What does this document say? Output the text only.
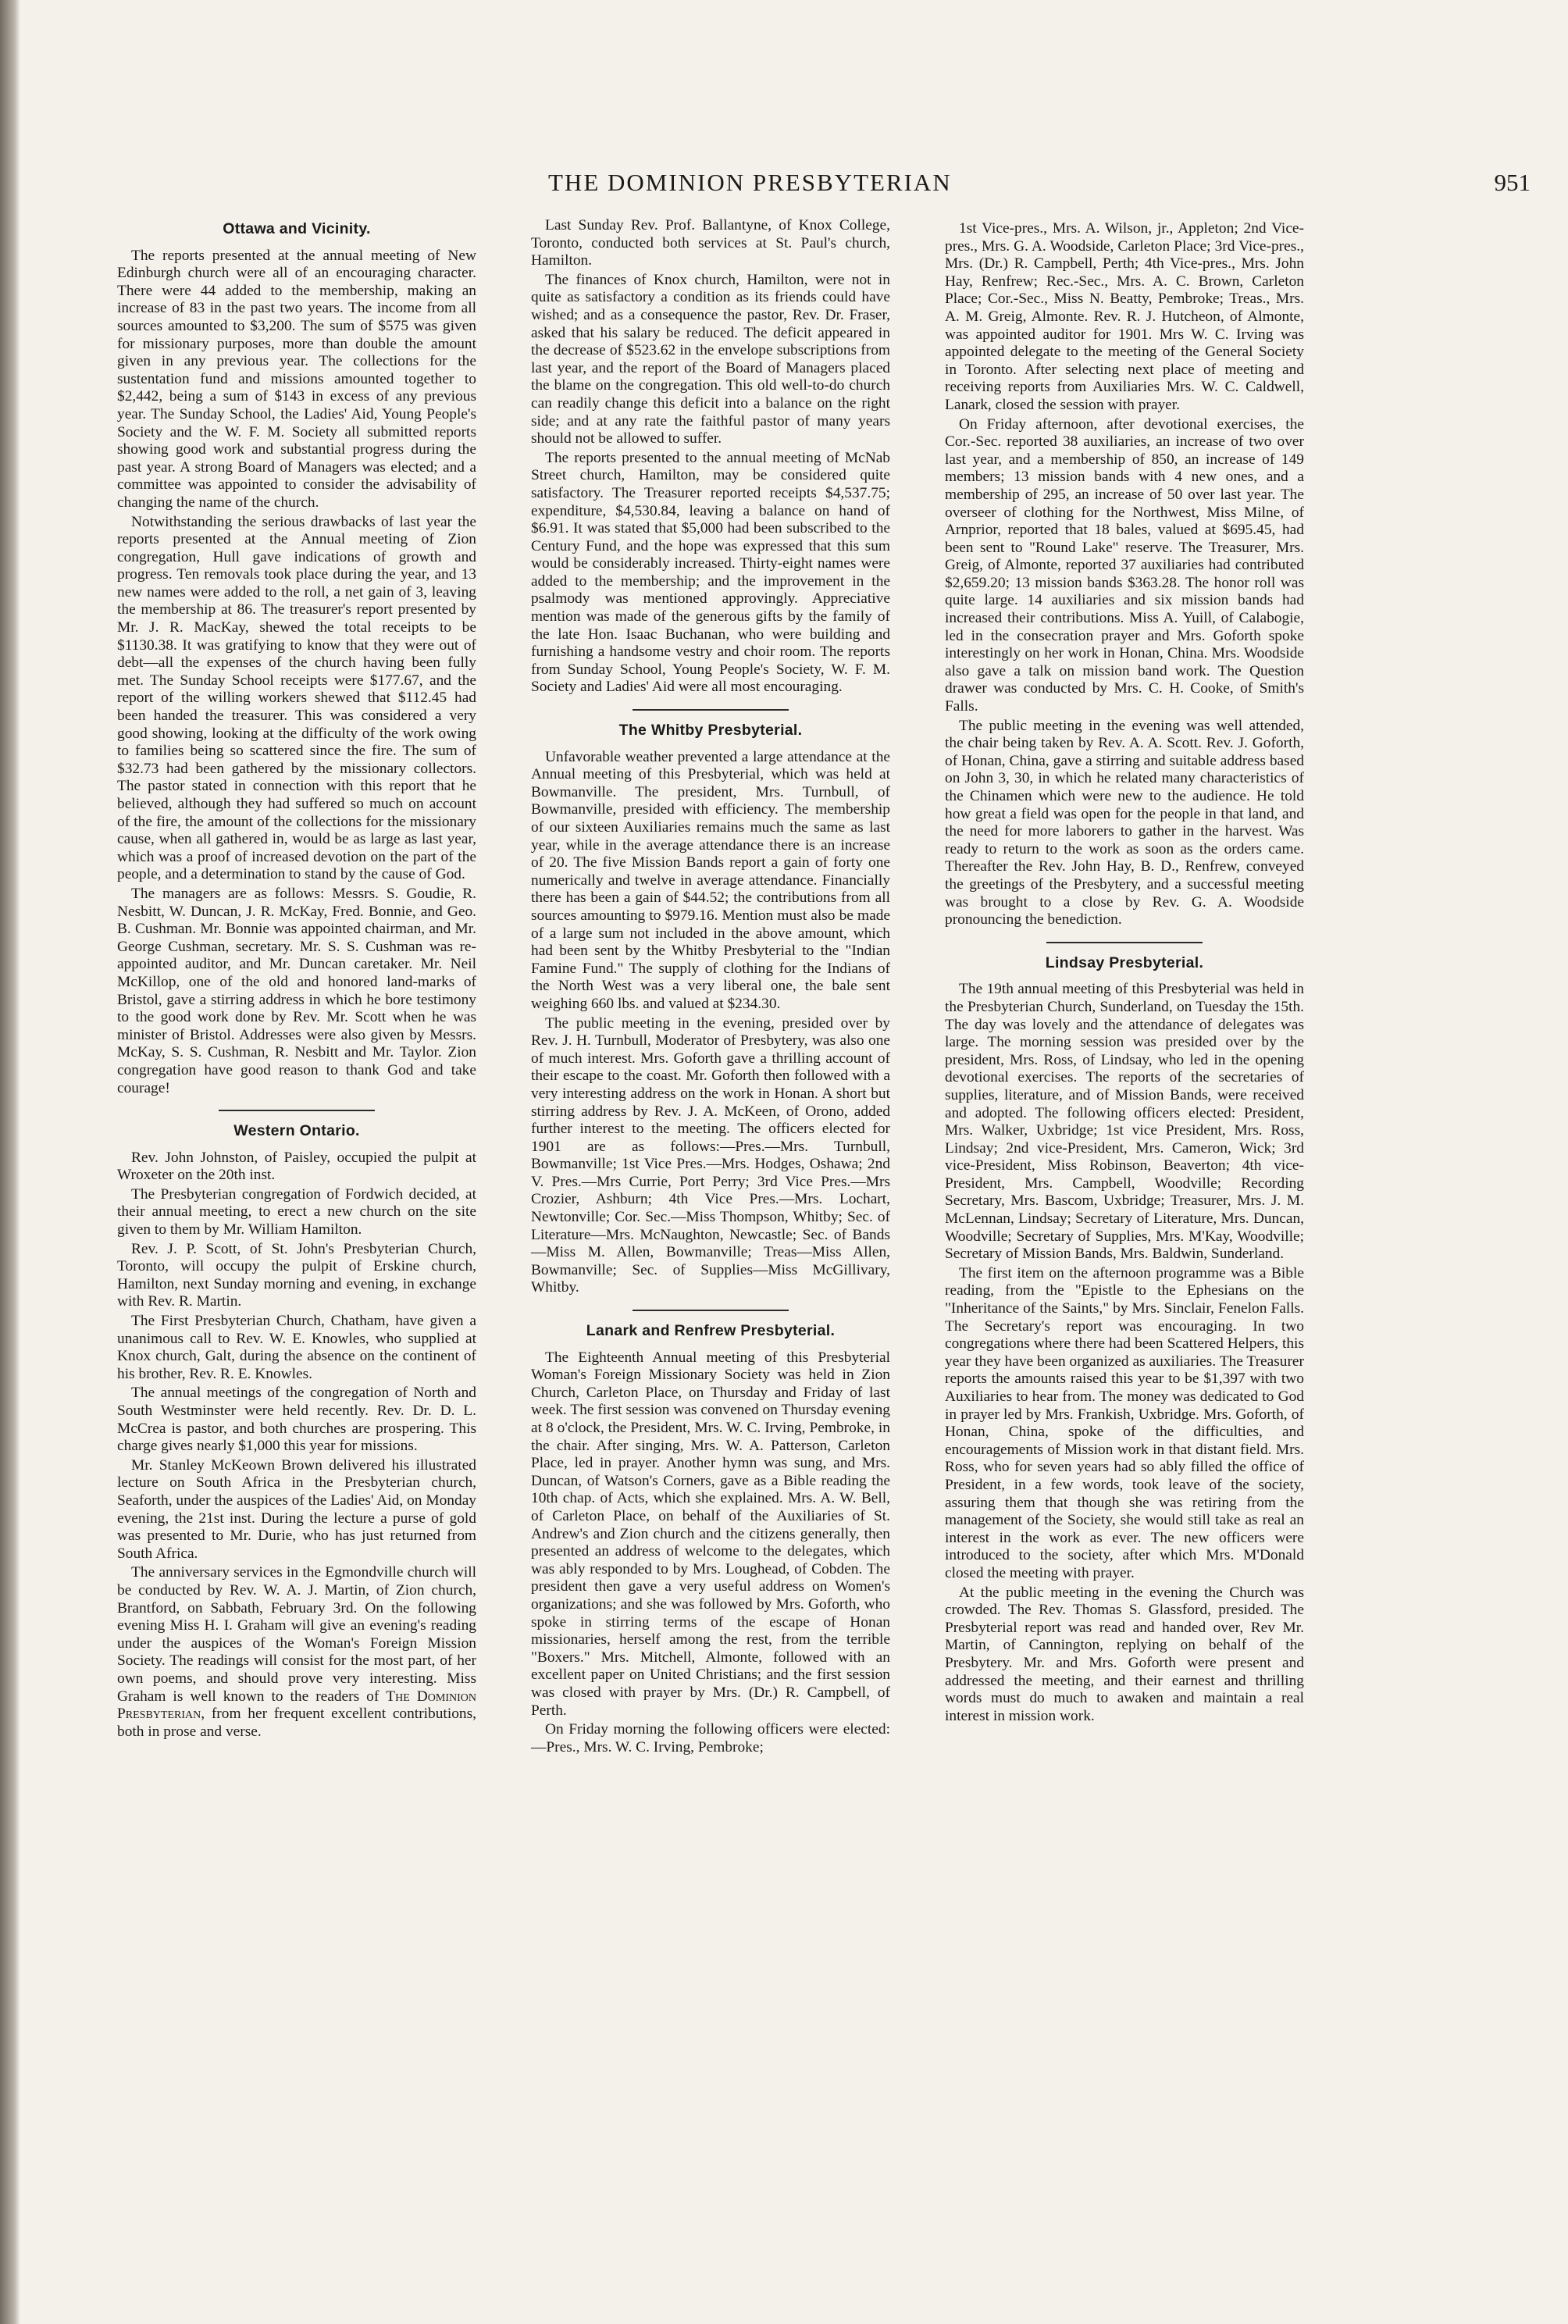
THE DOMINION PRESBYTERIAN	951
Ottawa and Vicinity.

The reports presented at the annual meeting of New Edinburgh church were all of an encouraging character. There were 44 added to the membership, making an increase of 83 in the past two years. The income from all sources amounted to $3,200. The sum of $575 was given for missionary purposes, more than double the amount given in any previous year. The collections for the sustentation fund and missions amounted together to $2,442, being a sum of $143 in excess of any previous year. The Sunday School, the Ladies' Aid, Young People's Society and the W. F. M. Society all submitted reports showing good work and substantial progress during the past year. A strong Board of Managers was elected; and a committee was appointed to consider the advisability of changing the name of the church.

Notwithstanding the serious drawbacks of last year the reports presented at the Annual meeting of Zion congregation, Hull gave indications of growth and progress. Ten removals took place during the year, and 13 new names were added to the roll, a net gain of 3, leaving the membership at 86. The treasurer's report presented by Mr. J. R. MacKay, shewed the total receipts to be $1130.38. It was gratifying to know that they were out of debt—all the expenses of the church having been fully met. The Sunday School receipts were $177.67, and the report of the willing workers shewed that $112.45 had been handed the treasurer. This was considered a very good showing, looking at the difficulty of the work owing to families being so scattered since the fire. The sum of $32.73 had been gathered by the missionary collectors. The pastor stated in connection with this report that he believed, although they had suffered so much on account of the fire, the amount of the collections for the missionary cause, when all gathered in, would be as large as last year, which was a proof of increased devotion on the part of the people, and a determination to stand by the cause of God.

The managers are as follows: Messrs. S. Goudie, R. Nesbitt, W. Duncan, J. R. McKay, Fred. Bonnie, and Geo. B. Cushman. Mr. Bonnie was appointed chairman, and Mr. George Cushman, secretary. Mr. S. S. Cushman was re-appointed auditor, and Mr. Duncan caretaker. Mr. Neil McKillop, one of the old and honored land-marks of Bristol, gave a stirring address in which he bore testimony to the good work done by Rev. Mr. Scott when he was minister of Bristol. Addresses were also given by Messrs. McKay, S. S. Cushman, R. Nesbitt and Mr. Taylor. Zion congregation have good reason to thank God and take courage!

Western Ontario.

Rev. John Johnston, of Paisley, occupied the pulpit at Wroxeter on the 20th inst.

The Presbyterian congregation of Fordwich decided, at their annual meeting, to erect a new church on the site given to them by Mr. William Hamilton.

Rev. J. P. Scott, of St. John's Presbyterian Church, Toronto, will occupy the pulpit of Erskine church, Hamilton, next Sunday morning and evening, in exchange with Rev. R. Martin.

The First Presbyterian Church, Chatham, have given a unanimous call to Rev. W. E. Knowles, who supplied at Knox church, Galt, during the absence on the continent of his brother, Rev. R. E. Knowles.

The annual meetings of the congregation of North and South Westminster were held recently. Rev. Dr. D. L. McCrea is pastor, and both churches are prospering. This charge gives nearly $1,000 this year for missions.

Mr. Stanley McKeown Brown delivered his illustrated lecture on South Africa in the Presbyterian church, Seaforth, under the auspices of the Ladies' Aid, on Monday evening, the 21st inst. During the lecture a purse of gold was presented to Mr. Durie, who has just returned from South Africa.

The anniversary services in the Egmondville church will be conducted by Rev. W. A. J. Martin, of Zion church, Brantford, on Sabbath, February 3rd. On the following evening Miss H. I. Graham will give an evening's reading under the auspices of the Woman's Foreign Mission Society. The readings will consist for the most part, of her own poems, and should prove very interesting. Miss Graham is well known to the readers of The Dominion Presbyterian, from her frequent excellent contributions, both in prose and verse.

Last Sunday Rev. Prof. Ballantyne, of Knox College, Toronto, conducted both services at St. Paul's church, Hamilton.

The finances of Knox church, Hamilton, were not in quite as satisfactory a condition as its friends could have wished; and as a consequence the pastor, Rev. Dr. Fraser, asked that his salary be reduced. The deficit appeared in the decrease of $523.62 in the envelope subscriptions from last year, and the report of the Board of Managers placed the blame on the congregation. This old well-to-do church can readily change this deficit into a balance on the right side; and at any rate the faithful pastor of many years should not be allowed to suffer.

The reports presented to the annual meeting of McNab Street church, Hamilton, may be considered quite satisfactory. The Treasurer reported receipts $4,537.75; expenditure, $4,530.84, leaving a balance on hand of $6.91. It was stated that $5,000 had been subscribed to the Century Fund, and the hope was expressed that this sum would be considerably increased. Thirty-eight names were added to the membership; and the improvement in the psalmody was mentioned approvingly. Appreciative mention was made of the generous gifts by the family of the late Hon. Isaac Buchanan, who were building and furnishing a handsome vestry and choir room. The reports from Sunday School, Young People's Society, W. F. M. Society and Ladies' Aid were all most encouraging.

The Whitby Presbyterial.

Unfavorable weather prevented a large attendance at the Annual meeting of this Presbyterial, which was held at Bowmanville. The president, Mrs. Turnbull, of Bowmanville, presided with efficiency. The membership of our sixteen Auxiliaries remains much the same as last year, while in the average attendance there is an increase of 20. The five Mission Bands report a gain of forty one numerically and twelve in average attendance. Financially there has been a gain of $44.52; the contributions from all sources amounting to $979.16. Mention must also be made of a large sum not included in the above amount, which had been sent by the Whitby Presbyterial to the "Indian Famine Fund." The supply of clothing for the Indians of the North West was a very liberal one, the bale sent weighing 660 lbs. and valued at $234.30.

The public meeting in the evening, presided over by Rev. J. H. Turnbull, Moderator of Presbytery, was also one of much interest. Mrs. Goforth gave a thrilling account of their escape to the coast. Mr. Goforth then followed with a very interesting address on the work in Honan. A short but stirring address by Rev. J. A. McKeen, of Orono, added further interest to the meeting. The officers elected for 1901 are as follows:—Pres.—Mrs. Turnbull, Bowmanville; 1st Vice Pres.—Mrs. Hodges, Oshawa; 2nd V. Pres.—Mrs Currie, Port Perry; 3rd Vice Pres.—Mrs Crozier, Ashburn; 4th Vice Pres.—Mrs. Lochart, Newtonville; Cor. Sec.—Miss Thompson, Whitby; Sec. of Literature—Mrs. McNaughton, Newcastle; Sec. of Bands—Miss M. Allen, Bowmanville; Treas—Miss Allen, Bowmanville; Sec. of Supplies—Miss McGillivary, Whitby.

Lanark and Renfrew Presbyterial.

The Eighteenth Annual meeting of this Presbyterial Woman's Foreign Missionary Society was held in Zion Church, Carleton Place, on Thursday and Friday of last week. The first session was convened on Thursday evening at 8 o'clock, the President, Mrs. W. C. Irving, Pembroke, in the chair. After singing, Mrs. W. A. Patterson, Carleton Place, led in prayer. Another hymn was sung, and Mrs. Duncan, of Watson's Corners, gave as a Bible reading the 10th chap. of Acts, which she explained. Mrs. A. W. Bell, of Carleton Place, on behalf of the Auxiliaries of St. Andrew's and Zion church and the citizens generally, then presented an address of welcome to the delegates, which was ably responded to by Mrs. Loughead, of Cobden. The president then gave a very useful address on Women's organizations; and she was followed by Mrs. Goforth, who spoke in stirring terms of the escape of Honan missionaries, herself among the rest, from the terrible "Boxers." Mrs. Mitchell, Almonte, followed with an excellent paper on United Christians; and the first session was closed with prayer by Mrs. (Dr.) R. Campbell, of Perth.

On Friday morning the following officers were elected:—Pres., Mrs. W. C. Irving, Pembroke;

1st Vice-pres., Mrs. A. Wilson, jr., Appleton; 2nd Vice-pres., Mrs. G. A. Woodside, Carleton Place; 3rd Vice-pres., Mrs. (Dr.) R. Campbell, Perth; 4th Vice-pres., Mrs. John Hay, Renfrew; Rec.-Sec., Mrs. A. C. Brown, Carleton Place; Cor.-Sec., Miss N. Beatty, Pembroke; Treas., Mrs. A. M. Greig, Almonte. Rev. R. J. Hutcheon, of Almonte, was appointed auditor for 1901. Mrs W. C. Irving was appointed delegate to the meeting of the General Society in Toronto. After selecting next place of meeting and receiving reports from Auxiliaries Mrs. W. C. Caldwell, Lanark, closed the session with prayer.

On Friday afternoon, after devotional exercises, the Cor.-Sec. reported 38 auxiliaries, an increase of two over last year, and a membership of 850, an increase of 149 members; 13 mission bands with 4 new ones, and a membership of 295, an increase of 50 over last year. The overseer of clothing for the Northwest, Miss Milne, of Arnprior, reported that 18 bales, valued at $695.45, had been sent to "Round Lake" reserve. The Treasurer, Mrs. Greig, of Almonte, reported 37 auxiliaries had contributed $2,659.20; 13 mission bands $363.28. The honor roll was quite large. 14 auxiliaries and six mission bands had increased their contributions. Miss A. Yuill, of Calabogie, led in the consecration prayer and Mrs. Goforth spoke interestingly on her work in Honan, China. Mrs. Woodside also gave a talk on mission band work. The Question drawer was conducted by Mrs. C. H. Cooke, of Smith's Falls.

The public meeting in the evening was well attended, the chair being taken by Rev. A. A. Scott. Rev. J. Goforth, of Honan, China, gave a stirring and suitable address based on John 3, 30, in which he related many characteristics of the Chinamen which were new to the audience. He told how great a field was open for the people in that land, and the need for more laborers to gather in the harvest. Was ready to return to the work as soon as the orders came. Thereafter the Rev. John Hay, B. D., Renfrew, conveyed the greetings of the Presbytery, and a successful meeting was brought to a close by Rev. G. A. Woodside pronouncing the benediction.

Lindsay Presbyterial.

The 19th annual meeting of this Presbyterial was held in the Presbyterian Church, Sunderland, on Tuesday the 15th. The day was lovely and the attendance of delegates was large. The morning session was presided over by the president, Mrs. Ross, of Lindsay, who led in the opening devotional exercises. The reports of the secretaries of supplies, literature, and of Mission Bands, were received and adopted. The following officers elected: President, Mrs. Walker, Uxbridge; 1st vice President, Mrs. Ross, Lindsay; 2nd vice-President, Mrs. Cameron, Wick; 3rd vice-President, Miss Robinson, Beaverton; 4th vice-President, Mrs. Campbell, Woodville; Recording Secretary, Mrs. Bascom, Uxbridge; Treasurer, Mrs. J. M. McLennan, Lindsay; Secretary of Literature, Mrs. Duncan, Woodville; Secretary of Supplies, Mrs. M'Kay, Woodville; Secretary of Mission Bands, Mrs. Baldwin, Sunderland.

The first item on the afternoon programme was a Bible reading, from the "Epistle to the Ephesians on the "Inheritance of the Saints," by Mrs. Sinclair, Fenelon Falls. The Secretary's report was encouraging. In two congregations where there had been Scattered Helpers, this year they have been organized as auxiliaries. The Treasurer reports the amounts raised this year to be $1,397 with two Auxiliaries to hear from. The money was dedicated to God in prayer led by Mrs. Frankish, Uxbridge. Mrs. Goforth, of Honan, China, spoke of the difficulties, and encouragements of Mission work in that distant field. Mrs. Ross, who for seven years had so ably filled the office of President, in a few words, took leave of the society, assuring them that though she was retiring from the management of the Society, she would still take as real an interest in the work as ever. The new officers were introduced to the society, after which Mrs. M'Donald closed the meeting with prayer.

At the public meeting in the evening the Church was crowded. The Rev. Thomas S. Glassford, presided. The Presbyterial report was read and handed over, Rev Mr. Martin, of Cannington, replying on behalf of the Presbytery. Mr. and Mrs. Goforth were present and addressed the meeting, and their earnest and thrilling words must do much to awaken and maintain a real interest in mission work.
